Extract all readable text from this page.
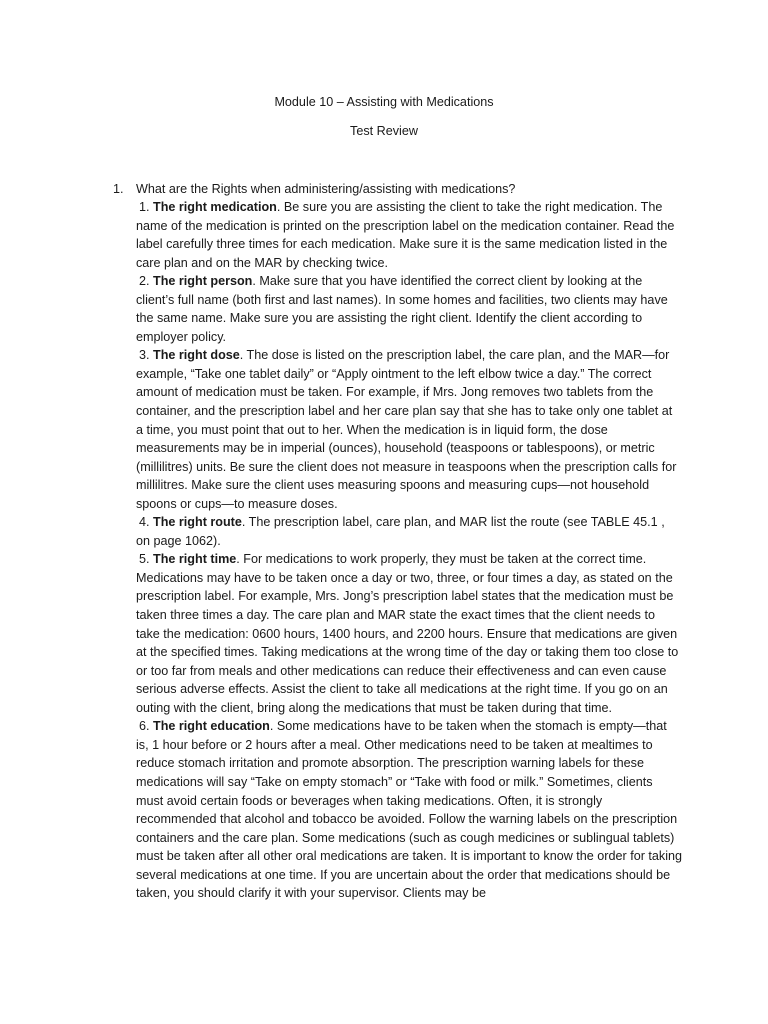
Module 10 – Assisting with Medications
Test Review
1. What are the Rights when administering/assisting with medications?

1. The right medication. Be sure you are assisting the client to take the right medication. The name of the medication is printed on the prescription label on the medication container. Read the label carefully three times for each medication. Make sure it is the same medication listed in the care plan and on the MAR by checking twice.

2. The right person. Make sure that you have identified the correct client by looking at the client’s full name (both first and last names). In some homes and facilities, two clients may have the same name. Make sure you are assisting the right client. Identify the client according to employer policy.

3. The right dose. The dose is listed on the prescription label, the care plan, and the MAR—for example, “Take one tablet daily” or “Apply ointment to the left elbow twice a day.” The correct amount of medication must be taken. For example, if Mrs. Jong removes two tablets from the container, and the prescription label and her care plan say that she has to take only one tablet at a time, you must point that out to her. When the medication is in liquid form, the dose measurements may be in imperial (ounces), household (teaspoons or tablespoons), or metric (millilitres) units. Be sure the client does not measure in teaspoons when the prescription calls for millilitres. Make sure the client uses measuring spoons and measuring cups—not household spoons or cups—to measure doses.

4. The right route. The prescription label, care plan, and MAR list the route (see TABLE 45.1 , on page 1062).

5. The right time. For medications to work properly, they must be taken at the correct time. Medications may have to be taken once a day or two, three, or four times a day, as stated on the prescription label. For example, Mrs. Jong’s prescription label states that the medication must be taken three times a day. The care plan and MAR state the exact times that the client needs to take the medication: 0600 hours, 1400 hours, and 2200 hours. Ensure that medications are given at the specified times. Taking medications at the wrong time of the day or taking them too close to or too far from meals and other medications can reduce their effectiveness and can even cause serious adverse effects. Assist the client to take all medications at the right time. If you go on an outing with the client, bring along the medications that must be taken during that time.

6. The right education. Some medications have to be taken when the stomach is empty—that is, 1 hour before or 2 hours after a meal. Other medications need to be taken at mealtimes to reduce stomach irritation and promote absorption. The prescription warning labels for these medications will say “Take on empty stomach” or “Take with food or milk.” Sometimes, clients must avoid certain foods or beverages when taking medications. Often, it is strongly recommended that alcohol and tobacco be avoided. Follow the warning labels on the prescription containers and the care plan. Some medications (such as cough medicines or sublingual tablets) must be taken after all other oral medications are taken. It is important to know the order for taking several medications at one time. If you are uncertain about the order that medications should be taken, you should clarify it with your supervisor. Clients may be
